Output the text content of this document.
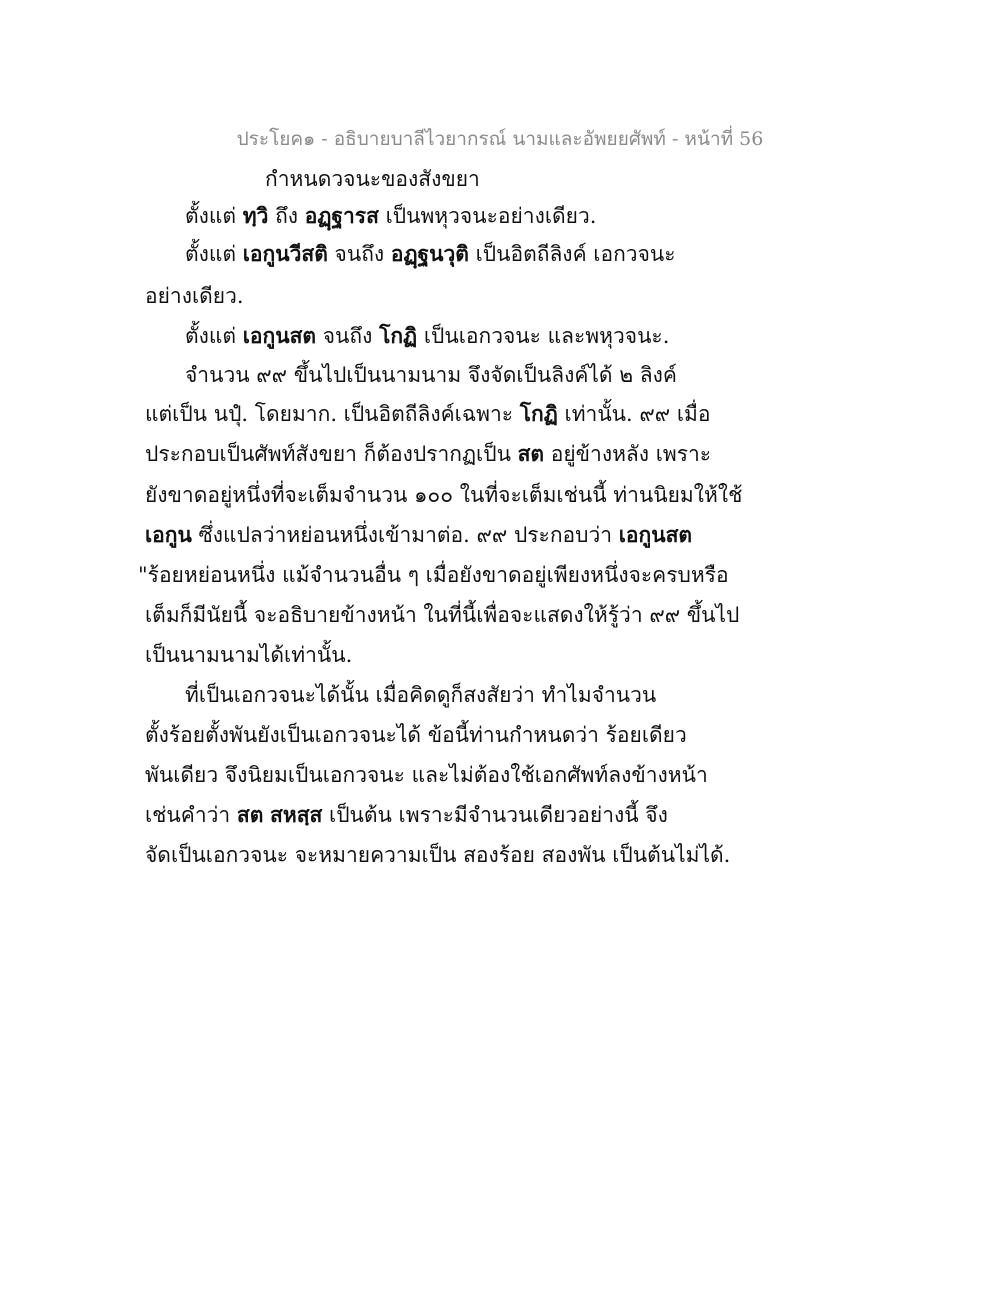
ประโยค๑ - อธิบายบาลีไวยากรณ์ นามและอัพยยศัพท์ - หน้าที่ 56
กำหนดวจนะของสังขยา
ตั้งแต่ ทฺวิ ถึง อฏฺฐารส เป็นพหุวจนะอย่างเดียว.
ตั้งแต่ เอกูนวีสติ จนถึง อฏฺฐนวุติ เป็นอิตถีลิงค์ เอกวจนะ
อย่างเดียว.
ตั้งแต่ เอกูนสต จนถึง โกฏิ เป็นเอกวจนะ และพหุวจนะ.
จำนวน ๙๙ ขึ้นไปเป็นนามนาม จึงจัดเป็นลิงค์ได้ ๒ ลิงค์
แต่เป็น นปุํ. โดยมาก. เป็นอิตถีลิงค์เฉพาะ โกฏิ เท่านั้น. ๙๙ เมื่อ
ประกอบเป็นศัพท์สังขยา ก็ต้องปรากฏเป็น สต อยู่ข้างหลัง เพราะ
ยังขาดอยู่หนึ่งที่จะเต็มจำนวน ๑๐๐ ในที่จะเต็มเช่นนี้ ท่านนิยมให้ใช้
เอกูน ซึ่งแปลว่าหย่อนหนึ่งเข้ามาต่อ. ๙๙ ประกอบว่า เอกูนสต
"ร้อยหย่อนหนึ่ง แม้จำนวนอื่น ๆ เมื่อยังขาดอยู่เพียงหนึ่งจะครบหรือ
เต็มก็มีนัยนี้ จะอธิบายข้างหน้า ในที่นี้เพื่อจะแสดงให้รู้ว่า ๙๙ ขึ้นไป
เป็นนามนามได้เท่านั้น.
ที่เป็นเอกวจนะได้นั้น เมื่อคิดดูก็สงสัยว่า ทำไมจำนวน
ตั้งร้อยตั้งพันยังเป็นเอกวจนะได้ ข้อนี้ท่านกำหนดว่า ร้อยเดียว
พันเดียว จึงนิยมเป็นเอกวจนะ และไม่ต้องใช้เอกศัพท์ลงข้างหน้า
เช่นคำว่า สต สหสฺส เป็นต้น เพราะมีจำนวนเดียวอย่างนี้ จึง
จัดเป็นเอกวจนะ จะหมายความเป็น สองร้อย สองพัน เป็นต้นไม่ได้.
